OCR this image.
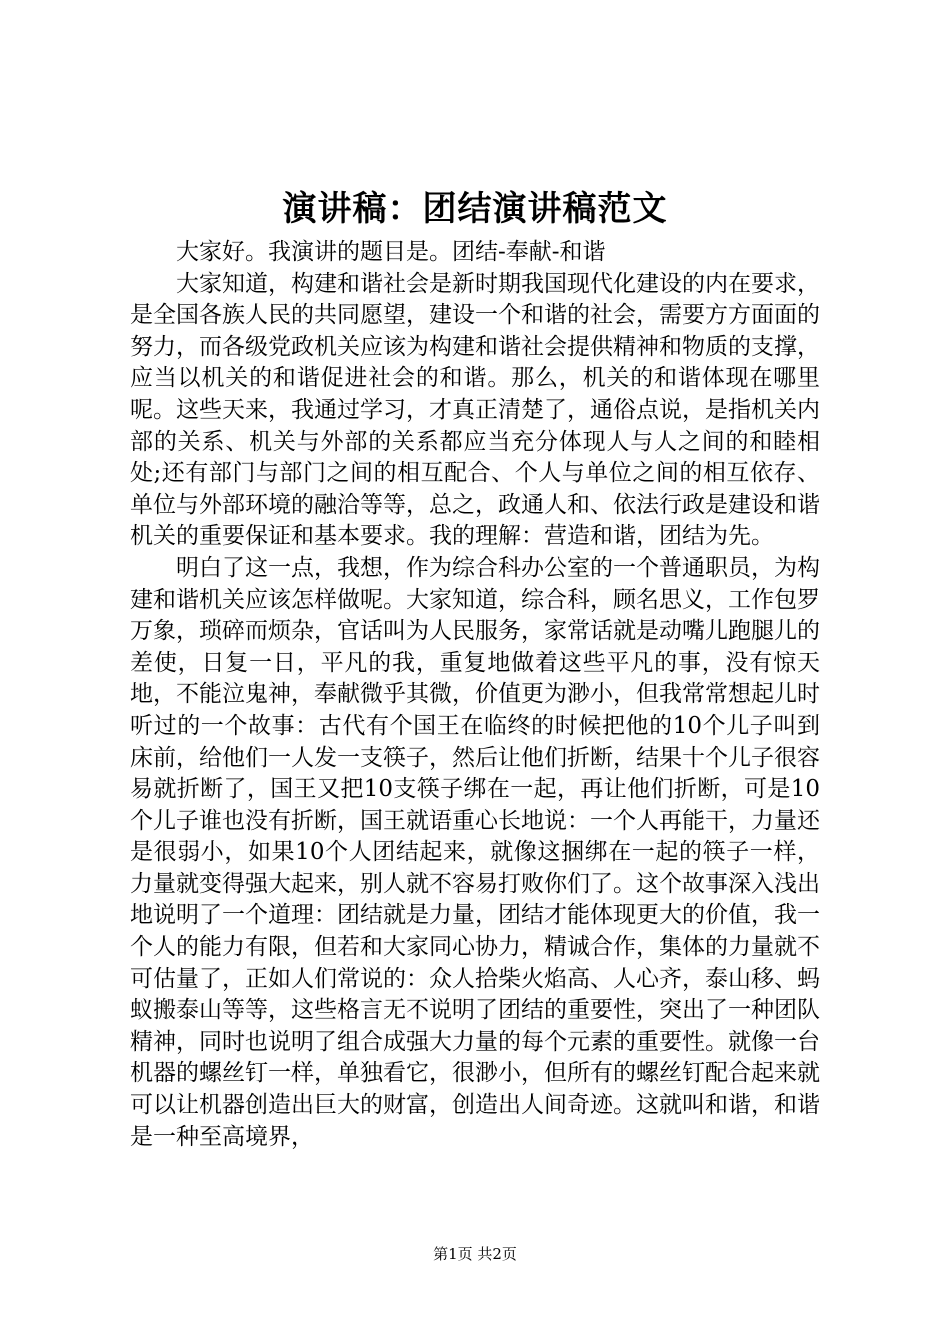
演讲稿：团结演讲稿范文

大家好。我演讲的题目是。团结-奉献-和谐

大家知道，构建和谐社会是新时期我国现代化建设的内在要求，是全国各族人民的共同愿望，建设一个和谐的社会，需要方方面面的努力，而各级党政机关应该为构建和谐社会提供精神和物质的支撑，应当以机关的和谐促进社会的和谐。那么，机关的和谐体现在哪里呢。这些天来，我通过学习，才真正清楚了，通俗点说，是指机关内部的关系、机关与外部的关系都应当充分体现人与人之间的和睦相处;还有部门与部门之间的相互配合、个人与单位之间的相互依存、单位与外部环境的融洽等等，总之，政通人和、依法行政是建设和谐机关的重要保证和基本要求。我的理解：营造和谐，团结为先。

明白了这一点，我想，作为综合科办公室的一个普通职员，为构建和谐机关应该怎样做呢。大家知道，综合科，顾名思义，工作包罗万象，琐碎而烦杂，官话叫为人民服务，家常话就是动嘴儿跑腿儿的差使，日复一日，平凡的我，重复地做着这些平凡的事，没有惊天地，不能泣鬼神，奉献微乎其微，价值更为渺小，但我常常想起儿时听过的一个故事：古代有个国王在临终的时候把他的10个儿子叫到床前，给他们一人发一支筷子，然后让他们折断，结果十个儿子很容易就折断了，国王又把10支筷子绑在一起，再让他们折断，可是10个儿子谁也没有折断，国王就语重心长地说：一个人再能干，力量还是很弱小，如果10个人团结起来，就像这捆绑在一起的筷子一样，力量就变得强大起来，别人就不容易打败你们了。这个故事深入浅出地说明了一个道理：团结就是力量，团结才能体现更大的价值，我一个人的能力有限，但若和大家同心协力，精诚合作，集体的力量就不可估量了，正如人们常说的：众人拾柴火焰高、人心齐，泰山移、蚂蚁搬泰山等等，这些格言无不说明了团结的重要性，突出了一种团队精神，同时也说明了组合成强大力量的每个元素的重要性。就像一台机器的螺丝钉一样，单独看它，很渺小，但所有的螺丝钉配合起来就可以让机器创造出巨大的财富，创造出人间奇迹。这就叫和谐，和谐是一种至高境界，

第1页 共2页
